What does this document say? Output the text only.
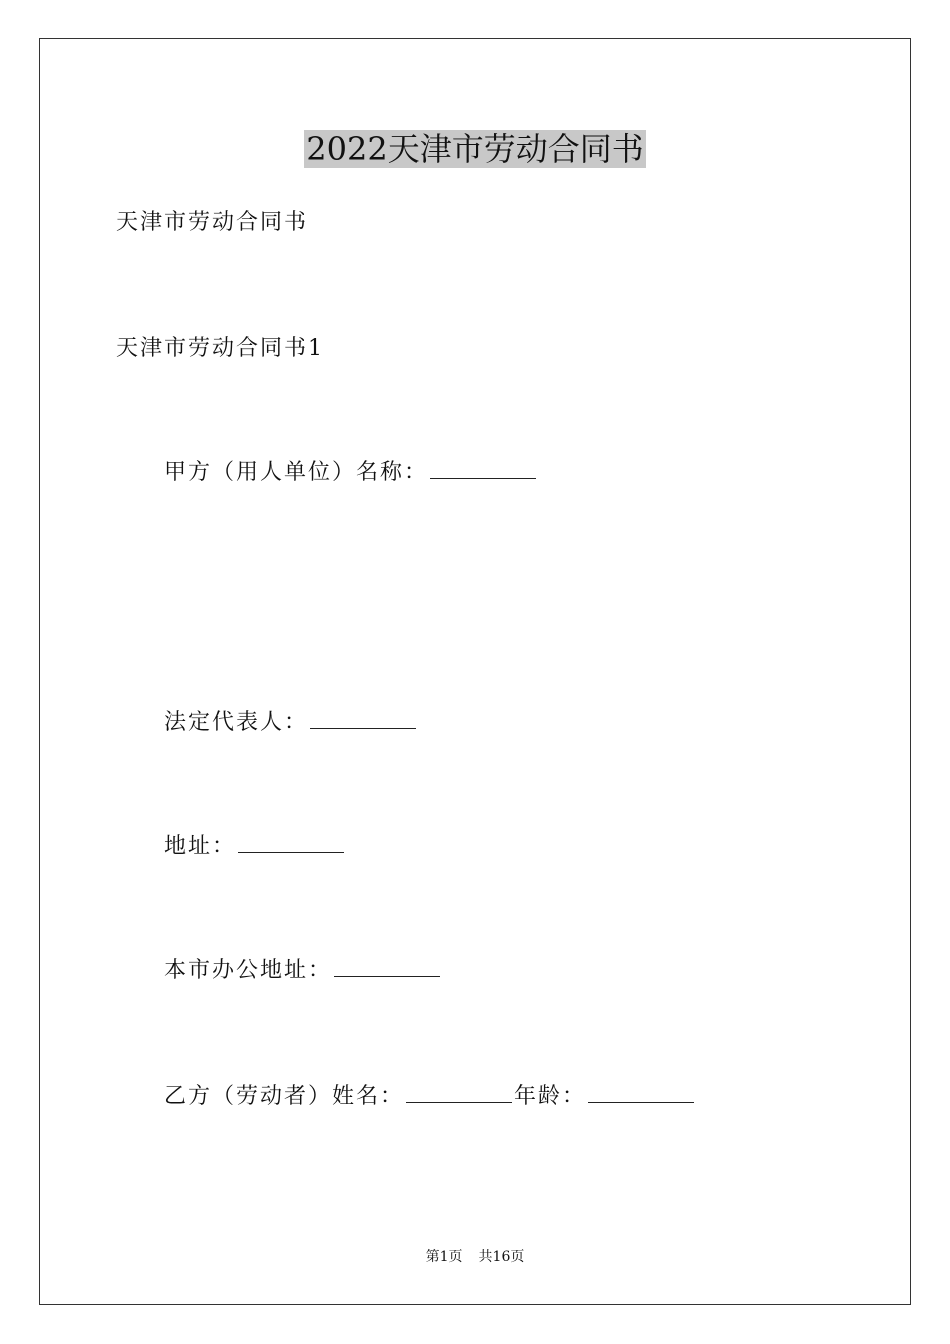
2022天津市劳动合同书
天津市劳动合同书
天津市劳动合同书1
甲方（用人单位）名称：
法定代表人：
地址：
本市办公地址：
乙方（劳动者）姓名：	年龄：
第1页 共16页
